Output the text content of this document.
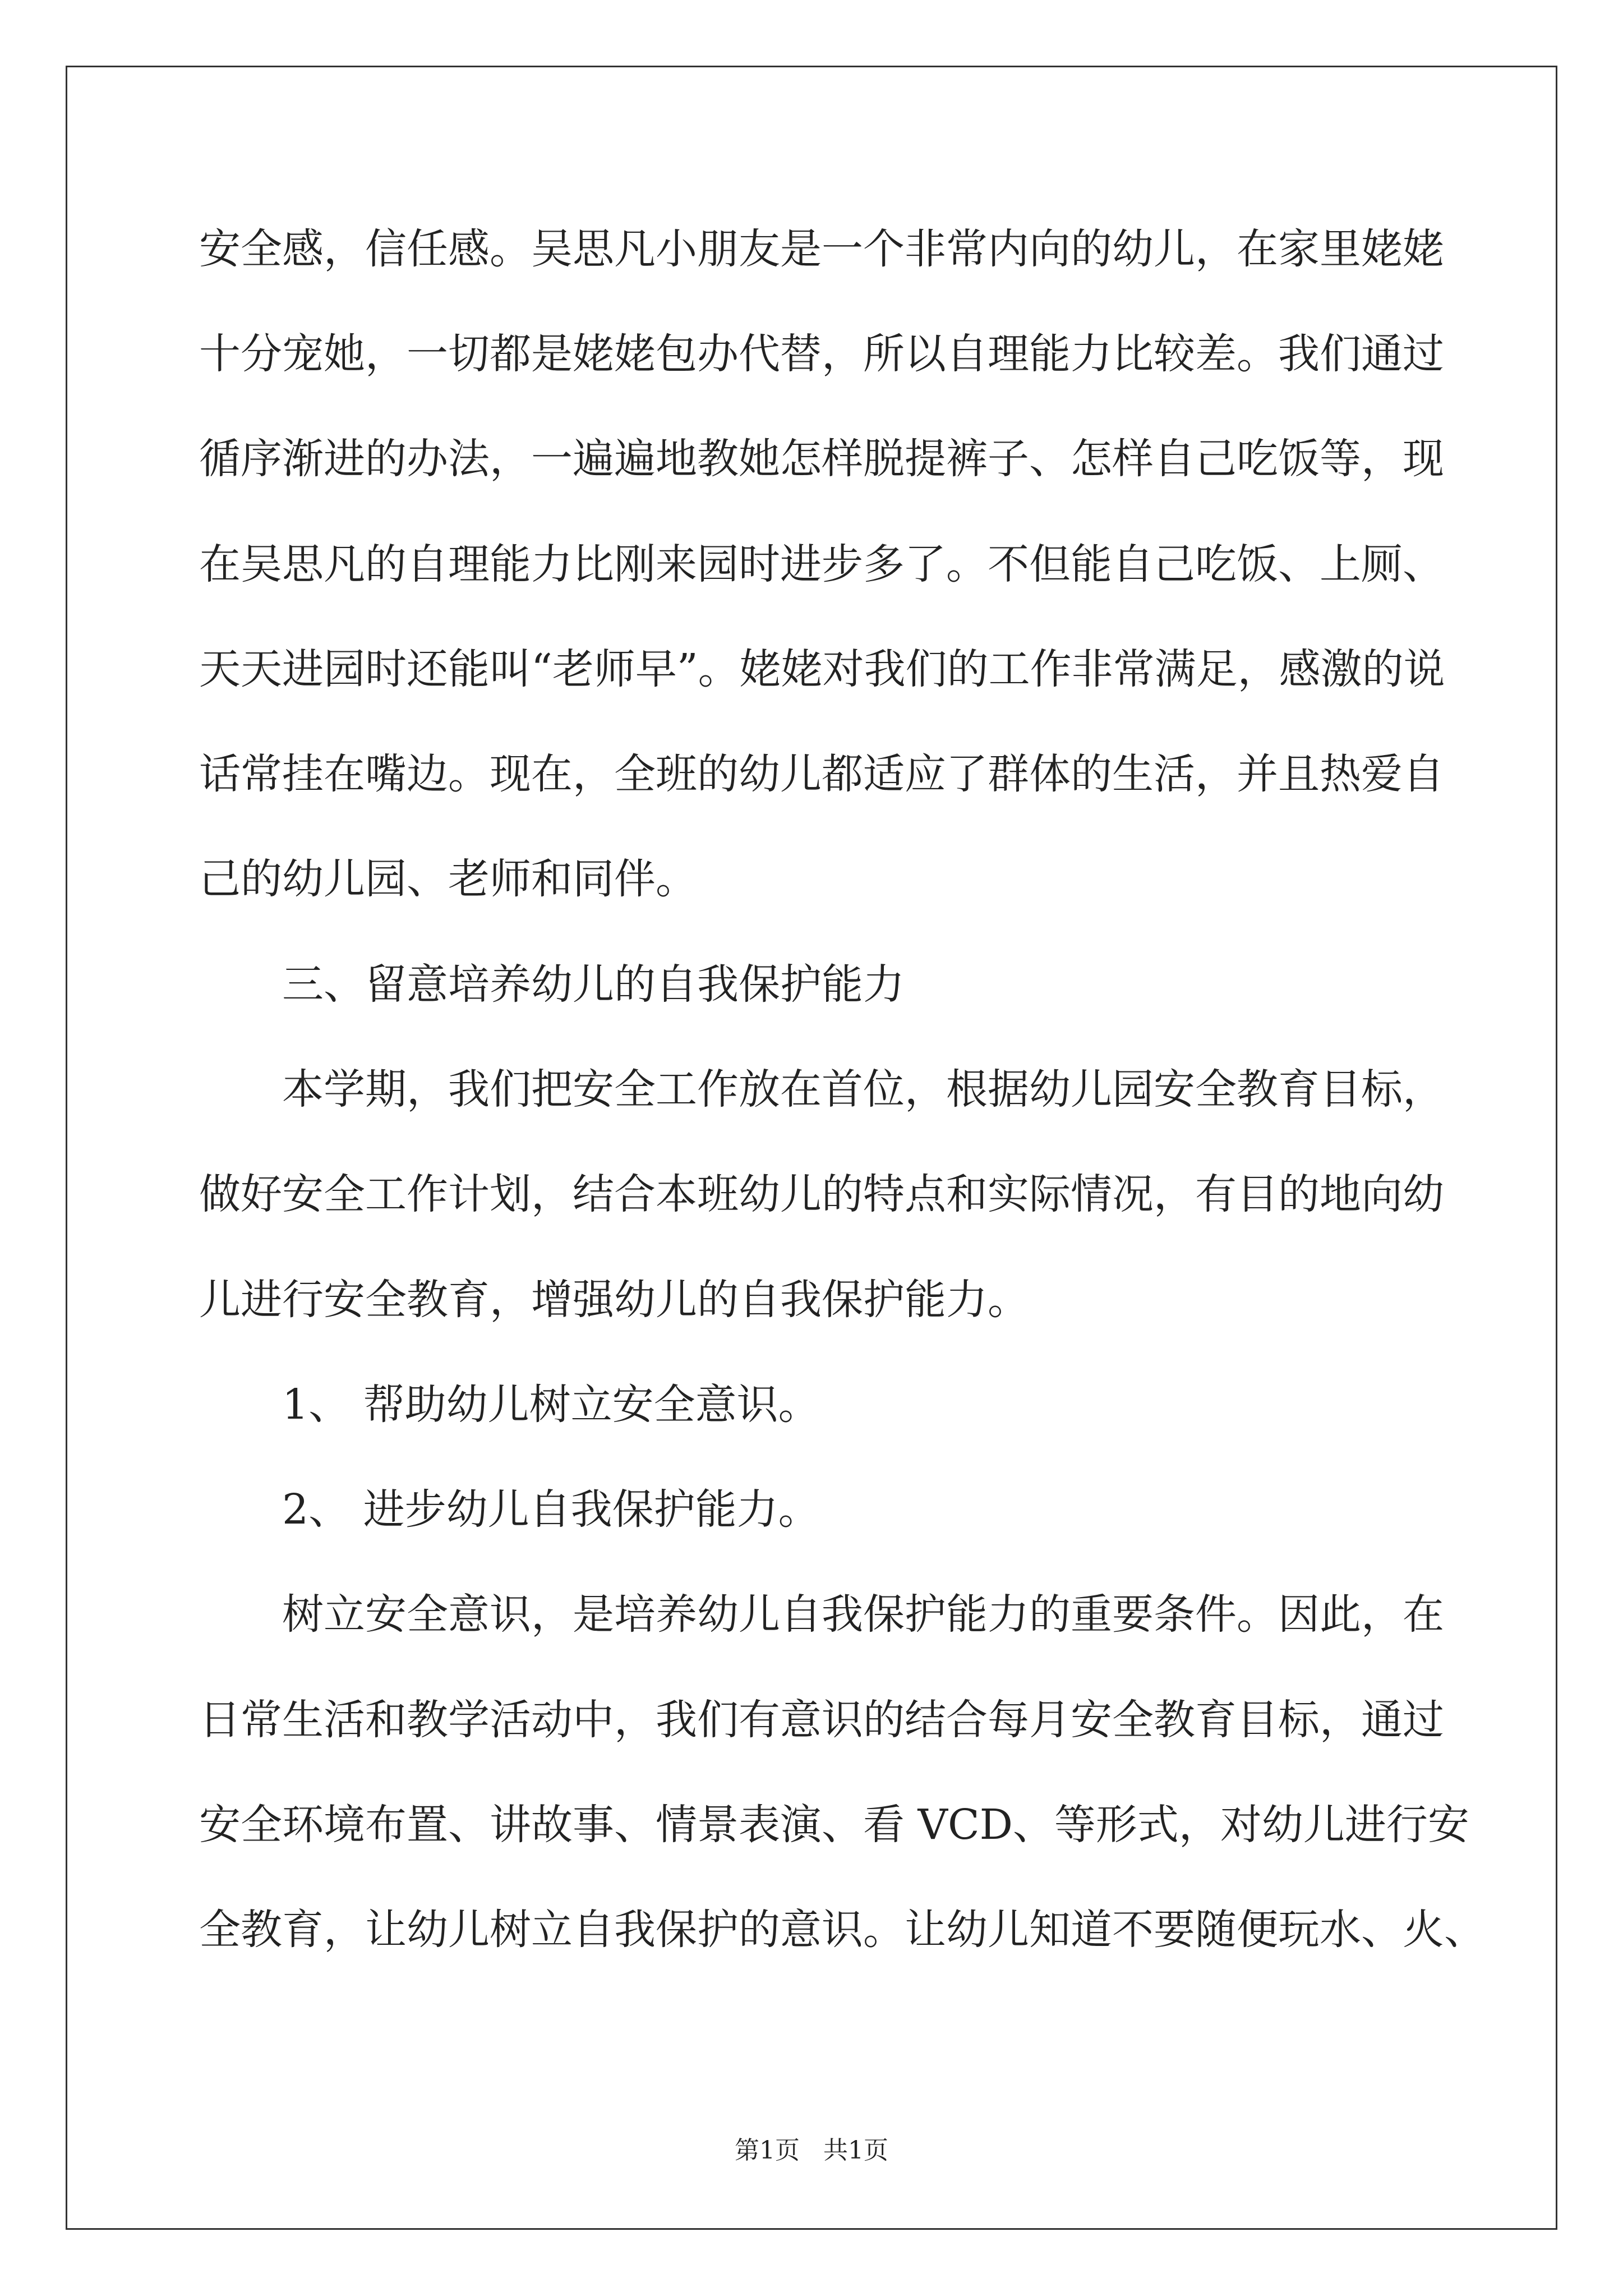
安全感，信任感。吴思凡小朋友是一个非常内向的幼儿，在家里姥姥

十分宠她，一切都是姥姥包办代替，所以自理能力比较差。我们通过

循序渐进的办法，一遍遍地教她怎样脱提裤子、怎样自己吃饭等，现

在吴思凡的自理能力比刚来园时进步多了。不但能自己吃饭、上厕、

天天进园时还能叫“老师早”。姥姥对我们的工作非常满足，感激的说

话常挂在嘴边。现在，全班的幼儿都适应了群体的生活，并且热爱自

己的幼儿园、老师和同伴。

三、留意培养幼儿的自我保护能力

本学期，我们把安全工作放在首位，根据幼儿园安全教育目标，

做好安全工作计划，结合本班幼儿的特点和实际情况，有目的地向幼

儿进行安全教育，增强幼儿的自我保护能力。

1、 帮助幼儿树立安全意识。

2、 进步幼儿自我保护能力。

树立安全意识，是培养幼儿自我保护能力的重要条件。因此，在

日常生活和教学活动中，我们有意识的结合每月安全教育目标，通过

安全环境布置、讲故事、情景表演、看 VCD、等形式，对幼儿进行安

全教育，让幼儿树立自我保护的意识。让幼儿知道不要随便玩水、火、

第1页   共1页
